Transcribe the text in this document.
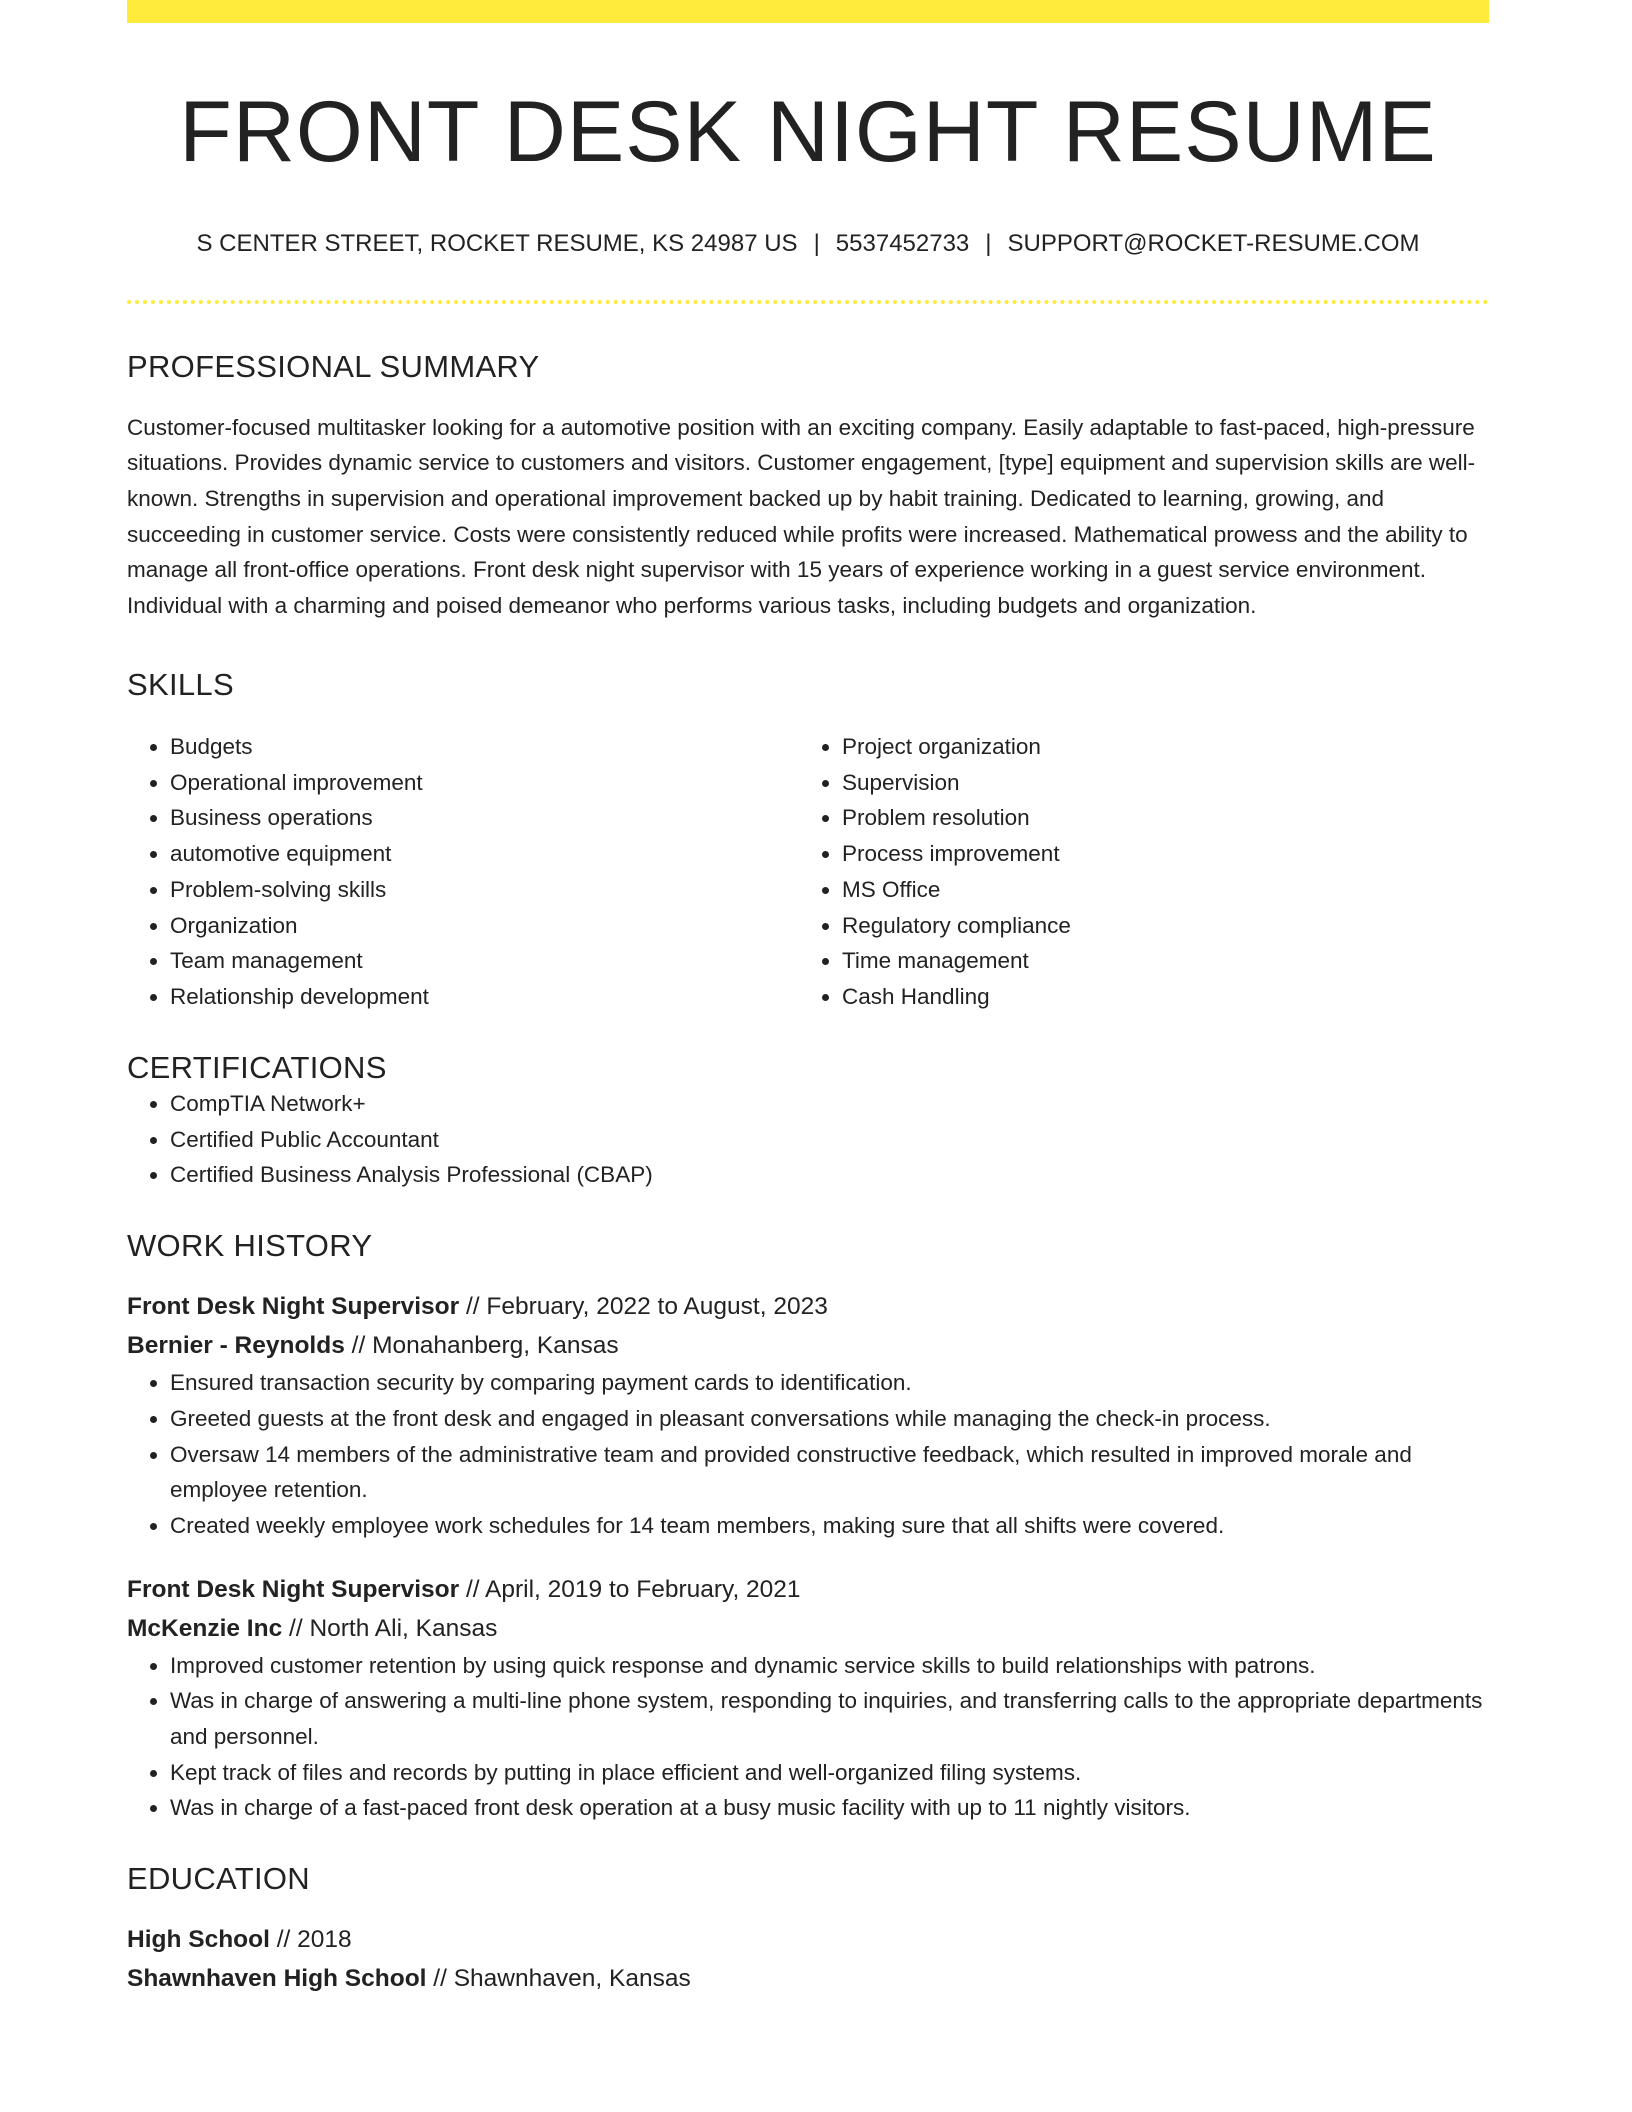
FRONT DESK NIGHT RESUME
S CENTER STREET, ROCKET RESUME, KS 24987 US | 5537452733 | SUPPORT@ROCKET-RESUME.COM
PROFESSIONAL SUMMARY
Customer-focused multitasker looking for a automotive position with an exciting company. Easily adaptable to fast-paced, high-pressure situations. Provides dynamic service to customers and visitors. Customer engagement, [type] equipment and supervision skills are well-known. Strengths in supervision and operational improvement backed up by habit training. Dedicated to learning, growing, and succeeding in customer service. Costs were consistently reduced while profits were increased. Mathematical prowess and the ability to manage all front-office operations. Front desk night supervisor with 15 years of experience working in a guest service environment. Individual with a charming and poised demeanor who performs various tasks, including budgets and organization.
SKILLS
• Budgets
• Operational improvement
• Business operations
• automotive equipment
• Problem-solving skills
• Organization
• Team management
• Relationship development
• Project organization
• Supervision
• Problem resolution
• Process improvement
• MS Office
• Regulatory compliance
• Time management
• Cash Handling
CERTIFICATIONS
• CompTIA Network+
• Certified Public Accountant
• Certified Business Analysis Professional (CBAP)
WORK HISTORY
Front Desk Night Supervisor // February, 2022 to August, 2023
Bernier - Reynolds // Monahanberg, Kansas
• Ensured transaction security by comparing payment cards to identification.
• Greeted guests at the front desk and engaged in pleasant conversations while managing the check-in process.
• Oversaw 14 members of the administrative team and provided constructive feedback, which resulted in improved morale and employee retention.
• Created weekly employee work schedules for 14 team members, making sure that all shifts were covered.
Front Desk Night Supervisor // April, 2019 to February, 2021
McKenzie Inc // North Ali, Kansas
• Improved customer retention by using quick response and dynamic service skills to build relationships with patrons.
• Was in charge of answering a multi-line phone system, responding to inquiries, and transferring calls to the appropriate departments and personnel.
• Kept track of files and records by putting in place efficient and well-organized filing systems.
• Was in charge of a fast-paced front desk operation at a busy music facility with up to 11 nightly visitors.
EDUCATION
High School // 2018
Shawnhaven High School // Shawnhaven, Kansas
